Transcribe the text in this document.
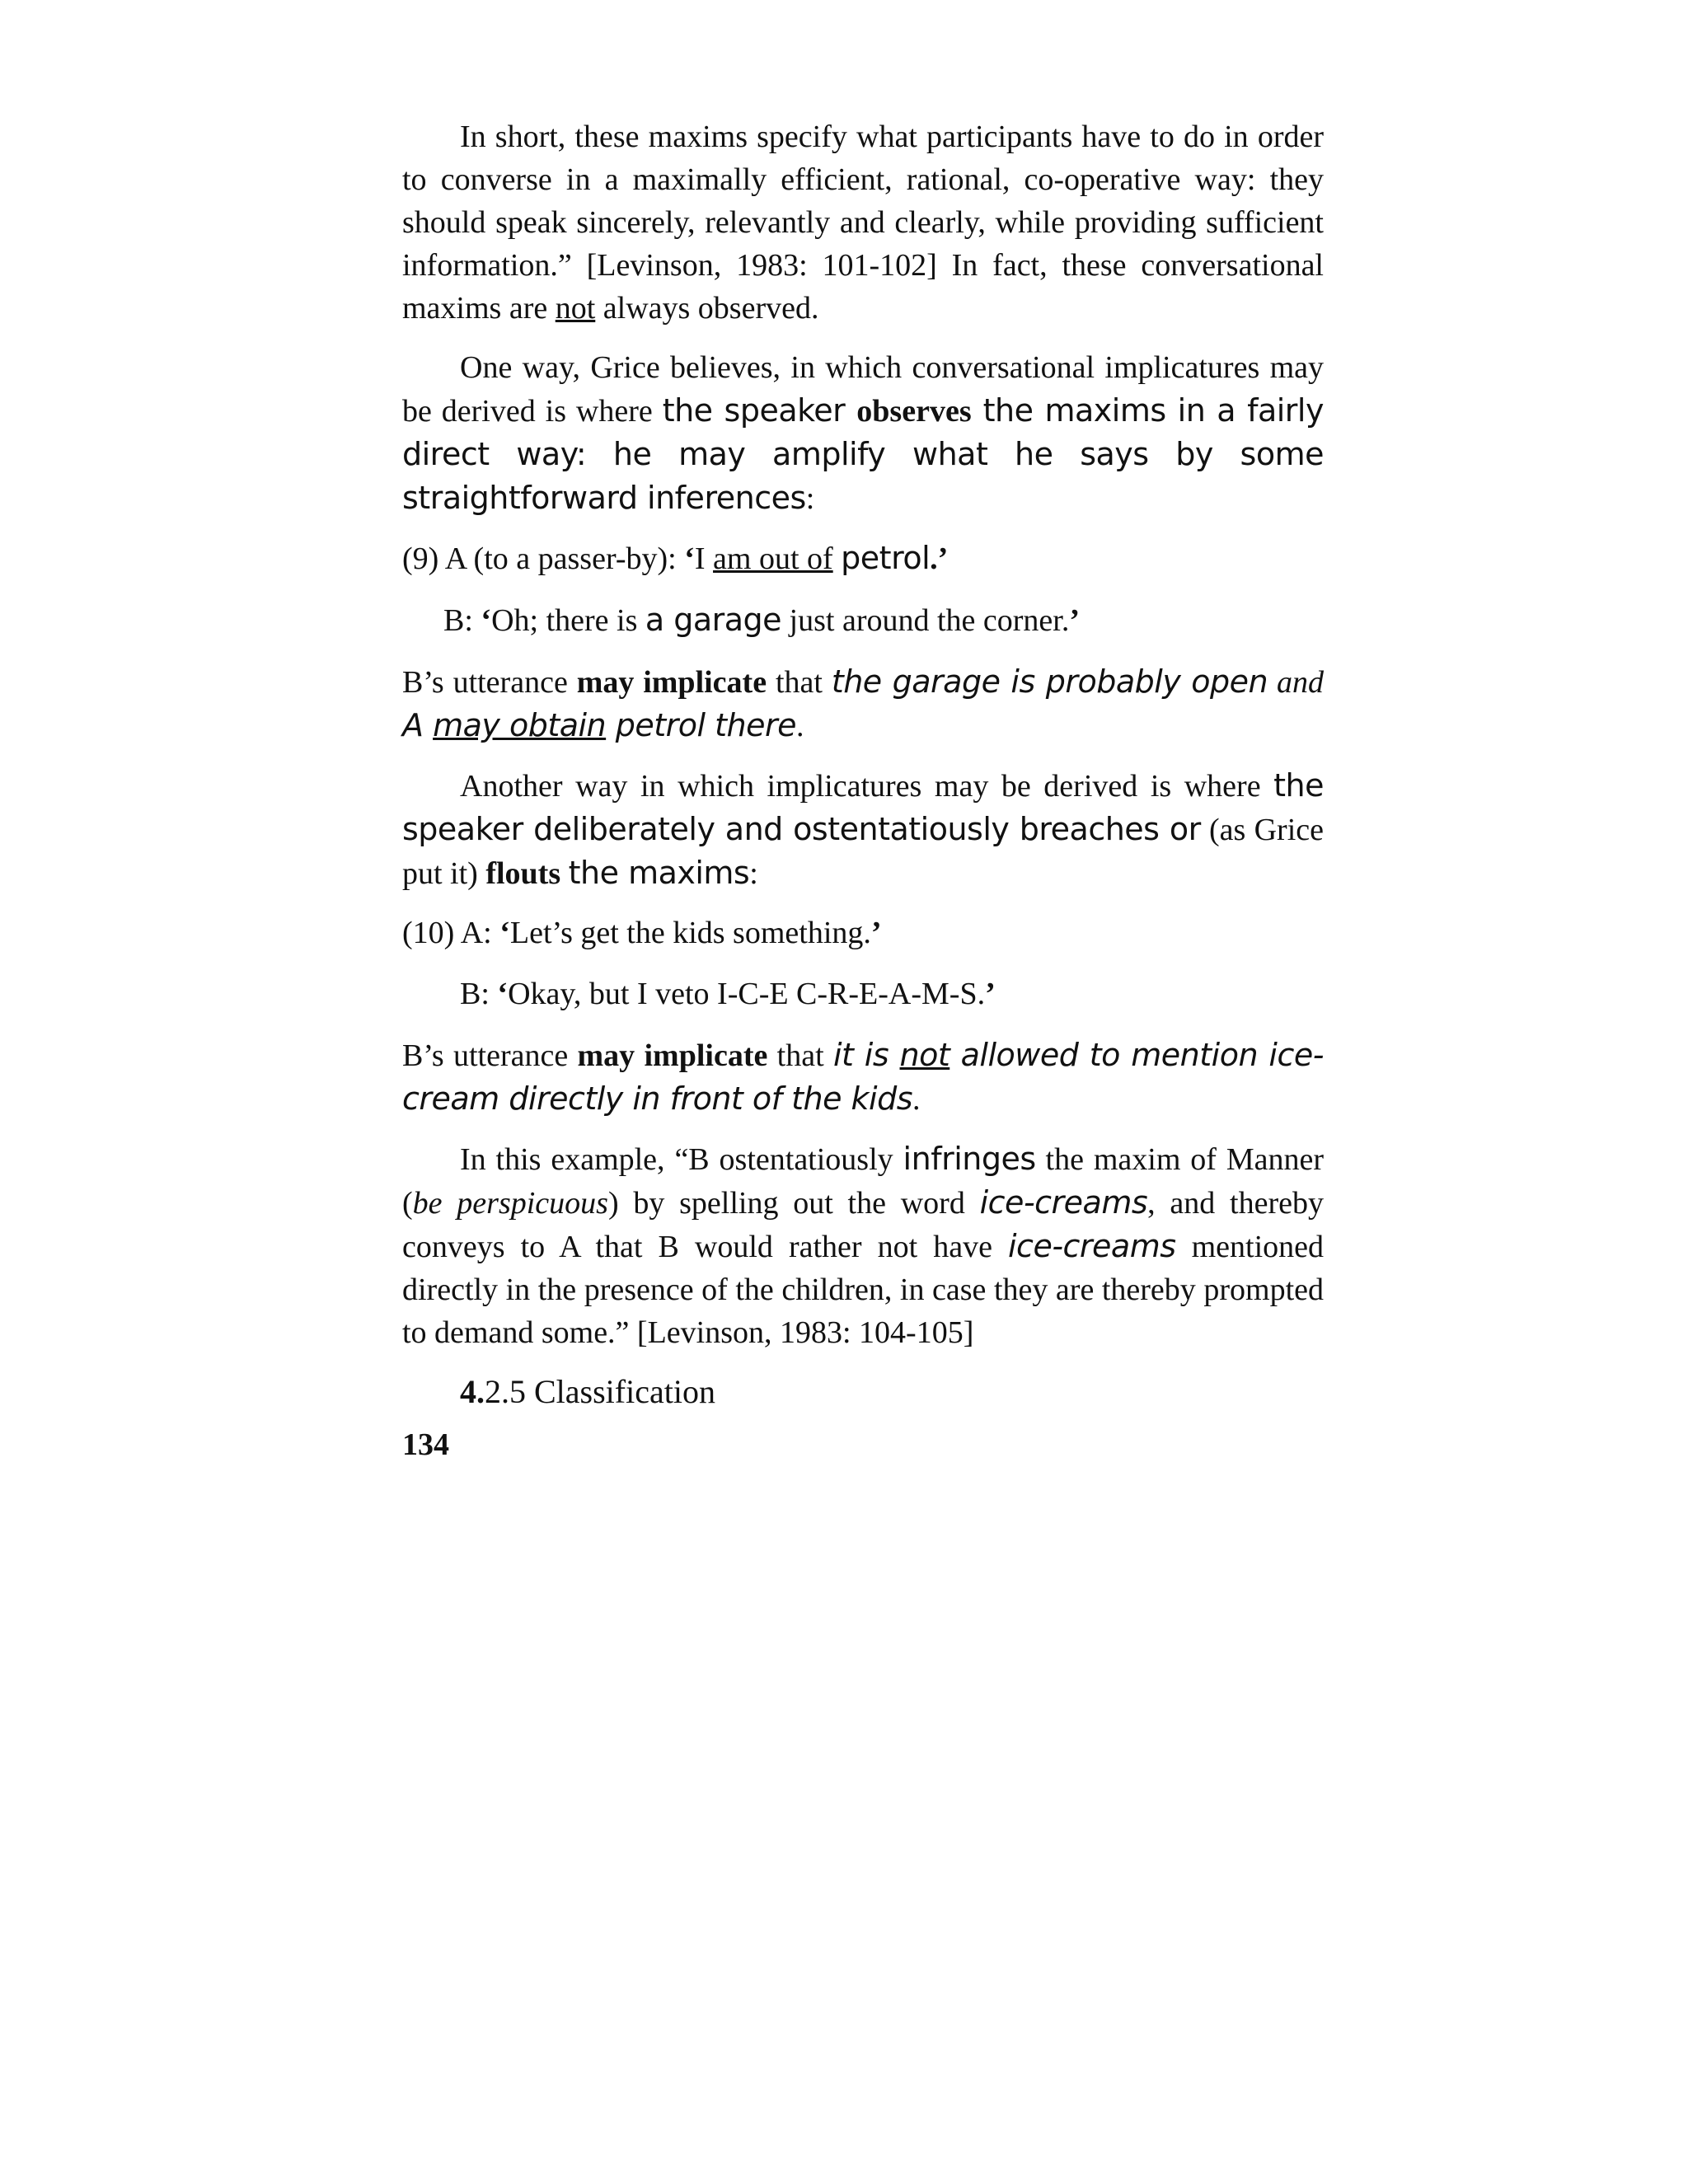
In short, these maxims specify what participants have to do in order to converse in a maximally efficient, rational, co-operative way: they should speak sincerely, relevantly and clearly, while providing sufficient information.” [Levinson, 1983: 101-102] In fact, these conversational maxims are not always observed.

One way, Grice believes, in which conversational implicatures may be derived is where the speaker observes the maxims in a fairly direct way: he may amplify what he says by some straightforward inferences:

(9) A (to a passer-by): ‘I am out of petrol.’

B: ‘Oh; there is a garage just around the corner.’

B’s utterance may implicate that the garage is probably open and A may obtain petrol there.

Another way in which implicatures may be derived is where the speaker deliberately and ostentatiously breaches or (as Grice put it) flouts the maxims:

(10) A: ‘Let’s get the kids something.’

B: ‘Okay, but I veto I-C-E C-R-E-A-M-S.’

B’s utterance may implicate that it is not allowed to mention ice-cream directly in front of the kids.

In this example, “B ostentatiously infringes the maxim of Manner (be perspicuous) by spelling out the word ice-creams, and thereby conveys to A that B would rather not have ice-creams mentioned directly in the presence of the children, in case they are thereby prompted to demand some.” [Levinson, 1983: 104-105]

4.2.5 Classification

134
